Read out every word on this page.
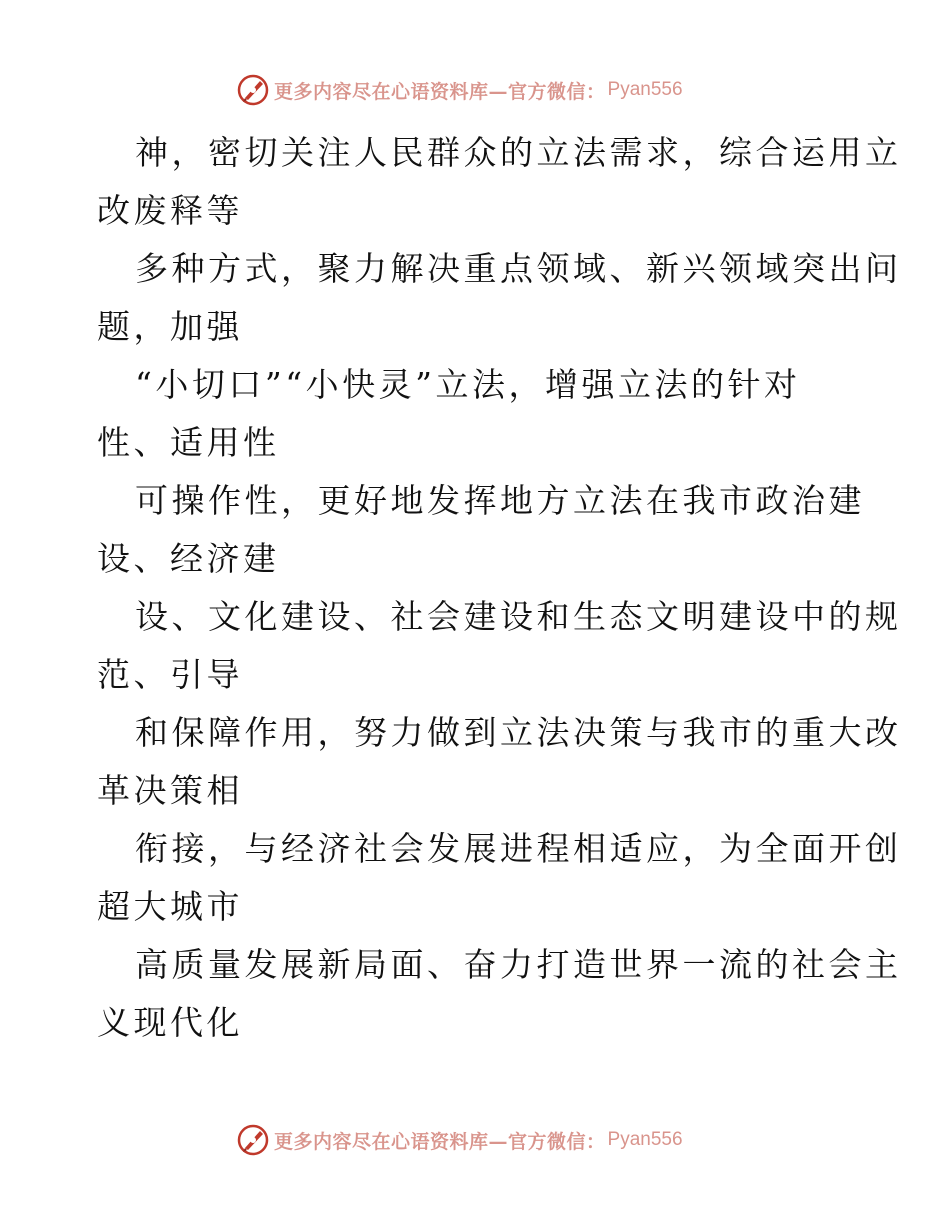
更多内容尽在心语资料库—官方微信： Pyan556
神，密切关注人民群众的立法需求，综合运用立
改废释等
多种方式，聚力解决重点领域、新兴领域突出问
题，加强
“小切口”“小快灵”立法，增强立法的针对
性、适用性
可操作性，更好地发挥地方立法在我市政治建
设、经济建
设、文化建设、社会建设和生态文明建设中的规
范、引导
和保障作用，努力做到立法决策与我市的重大改
革决策相
衔接，与经济社会发展进程相适应，为全面开创
超大城市
高质量发展新局面、奋力打造世界一流的社会主
义现代化
更多内容尽在心语资料库—官方微信： Pyan556
